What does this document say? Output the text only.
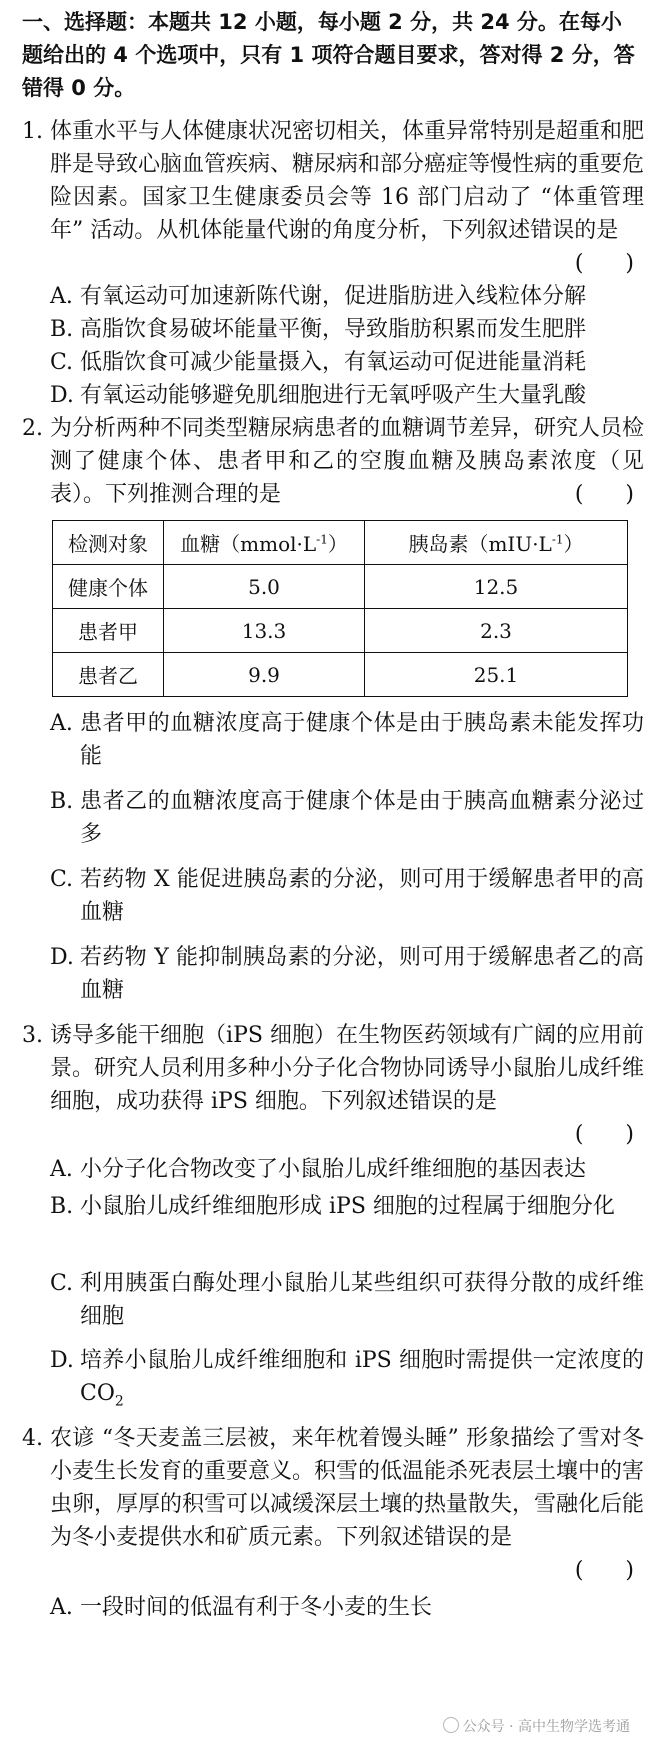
一、选择题：本题共 12 小题，每小题 2 分，共 24 分。在每小题给出的 4 个选项中，只有 1 项符合题目要求，答对得 2 分，答错得 0 分。

1. 体重水平与人体健康状况密切相关，体重异常特别是超重和肥胖是导致心脑血管疾病、糖尿病和部分癌症等慢性病的重要危险因素。国家卫生健康委员会等 16 部门启动了 “体重管理年” 活动。从机体能量代谢的角度分析，下列叙述错误的是

(      )
A. 有氧运动可加速新陈代谢，促进脂肪进入线粒体分解
B. 高脂饮食易破坏能量平衡，导致脂肪积累而发生肥胖
C. 低脂饮食可减少能量摄入，有氧运动可促进能量消耗
D. 有氧运动能够避免肌细胞进行无氧呼吸产生大量乳酸
2. 为分析两种不同类型糖尿病患者的血糖调节差异，研究人员检测了健康个体、患者甲和乙的空腹血糖及胰岛素浓度（见表）。下列推测合理的是	(      )
检测对象	血糖$(mmol\cdot L^{-1})$	胰岛素$(mIU\cdot L^{-1})$
健康个体	5.0	12.5
患者甲	13.3	2.3
患者乙	9.9	25.1
A. 患者甲的血糖浓度高于健康个体是由于胰岛素未能发挥功能
B. 患者乙的血糖浓度高于健康个体是由于胰高血糖素分泌过多
C. 若药物 X 能促进胰岛素的分泌，则可用于缓解患者甲的高血糖
D. 若药物 Y 能抑制胰岛素的分泌，则可用于缓解患者乙的高血糖
3. 诱导多能干细胞（iPS 细胞）在生物医药领域有广阔的应用前景。研究人员利用多种小分子化合物协同诱导小鼠胎儿成纤维细胞，成功获得 iPS 细胞。下列叙述错误的是

(      )
A. 小分子化合物改变了小鼠胎儿成纤维细胞的基因表达
B. 小鼠胎儿成纤维细胞形成 iPS 细胞的过程属于细胞分化
C. 利用胰蛋白酶处理小鼠胎儿某些组织可获得分散的成纤维细胞
D. 培养小鼠胎儿成纤维细胞和 iPS 细胞时需提供一定浓度的 $CO_2$
4. 农谚 “冬天麦盖三层被，来年枕着馒头睡” 形象描绘了雪对冬小麦生长发育的重要意义。积雪的低温能杀死表层土壤中的害虫卵，厚厚的积雪可以减缓深层土壤的热量散失，雪融化后能为冬小麦提供水和矿质元素。下列叙述错误的是

(      )
A. 一段时间的低温有利于冬小麦的生长
公众号 · 高中生物学选考通
